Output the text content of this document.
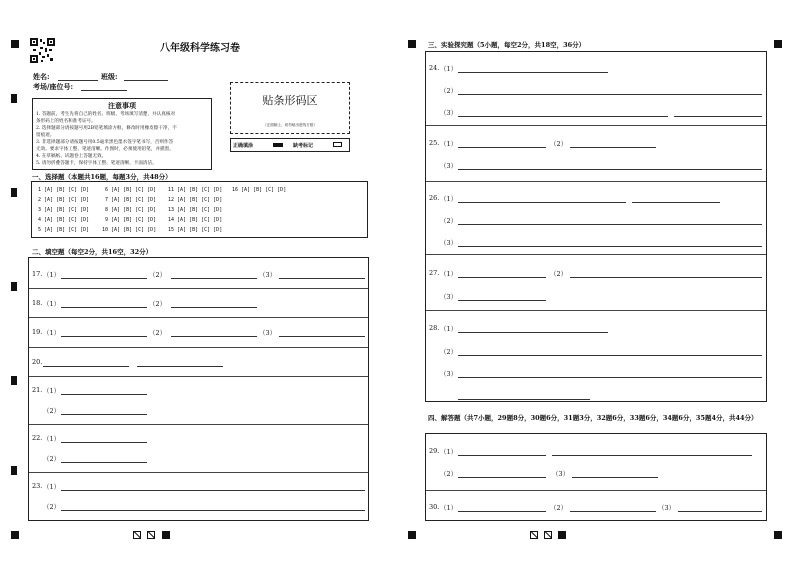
八年级科学练习卷
姓名:	班级:
考场/座位号:
注意事项
1. 答题前，考生先将自己的姓名、班级、考场填写清楚，并认真核对
条形码上的姓名和准考证号。
2. 选择题部分请按题号用2B铅笔填涂方框，修改时用橡皮擦干净，不
留痕迹。
3. 非选择题部分请按题号用0.5毫米黑色墨水签字笔书写，否则作答
无效。要求字体工整、笔迹清晰。作图时，必须使用铅笔，并描黑。
4. 在草稿纸、试题卷上答题无效。
5. 请勿折叠答题卡，保持字体工整、笔迹清晰、卡面清洁。
贴条形码区
（正面朝上，切勿贴出虚线方框）
正确填涂	缺考标记
一、选择题（本题共16题，每题3分，共48分）
1 [A] [B] [C] [D]
2 [A] [B] [C] [D]
3 [A] [B] [C] [D]
4 [A] [B] [C] [D]
5 [A] [B] [C] [D]
6 [A] [B] [C] [D]
7 [A] [B] [C] [D]
8 [A] [B] [C] [D]
9 [A] [B] [C] [D]
10 [A] [B] [C] [D]
11 [A] [B] [C] [D]
12 [A] [B] [C] [D]
13 [A] [B] [C] [D]
14 [A] [B] [C] [D]
15 [A] [B] [C] [D]
16 [A] [B] [C] [D]
二、填空题（每空2分，共16空，32分）
17. （1）	（2）	（3）
18. （1）	（2）
19. （1）	（2）	（3）
20.
21. （1）
（2）
22. （1）
（2）
23. （1）
（2）
三、实验探究题（5小题，每空2分，共18空，36分）
24. （1）
（2）
（3）
25. （1）	（2）
（3）
26. （1）
（2）
（3）
27. （1）	（2）
（3）
28. （1）
（2）
（3）
四、解答题（共7小题，29题8分，30题6分，31题3分，32题6分，33题6分，34题6分，35题4分，共44分）
29. （1）
（2）	（3）
30. （1）	（2）	（3）
